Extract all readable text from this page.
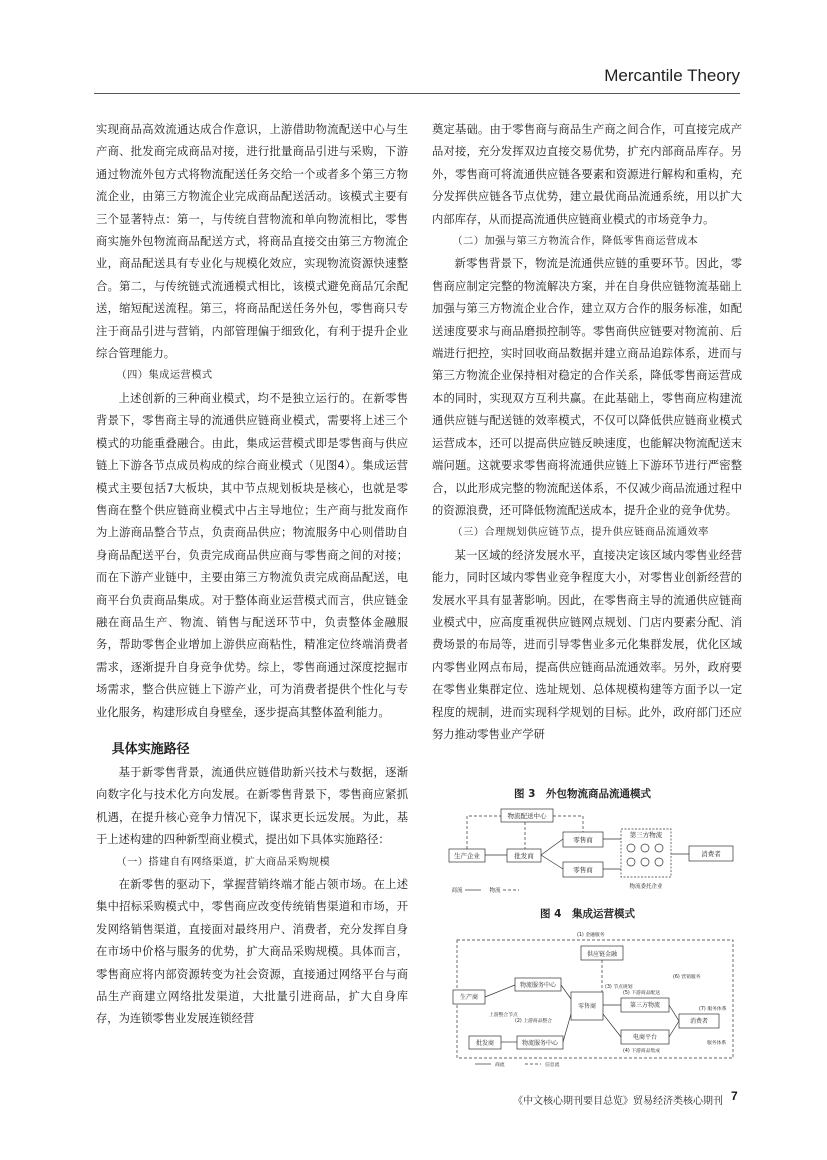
Mercantile Theory

实现商品高效流通达成合作意识，上游借助物流配送中心与生产商、批发商完成商品对接，进行批量商品引进与采购，下游通过物流外包方式将物流配送任务交给一个或者多个第三方物流企业，由第三方物流企业完成商品配送活动。该模式主要有三个显著特点：第一，与传统自营物流和单向物流相比，零售商实施外包物流商品配送方式，将商品直接交由第三方物流企业，商品配送具有专业化与规模化效应，实现物流资源快速整合。第二，与传统链式流通模式相比，该模式避免商品冗余配送，缩短配送流程。第三，将商品配送任务外包，零售商只专注于商品引进与营销，内部管理偏于细致化，有利于提升企业综合管理能力。

（四）集成运营模式

上述创新的三种商业模式，均不是独立运行的。在新零售背景下，零售商主导的流通供应链商业模式，需要将上述三个模式的功能重叠融合。由此，集成运营模式即是零售商与供应链上下游各节点成员构成的综合商业模式（见图4）。集成运营模式主要包括7大板块，其中节点规划板块是核心，也就是零售商在整个供应链商业模式中占主导地位；生产商与批发商作为上游商品整合节点，负责商品供应；物流服务中心则借助自身商品配送平台，负责完成商品供应商与零售商之间的对接；而在下游产业链中，主要由第三方物流负责完成商品配送，电商平台负责商品集成。对于整体商业运营模式而言，供应链金融在商品生产、物流、销售与配送环节中，负责整体金融服务，帮助零售企业增加上游供应商粘性，精准定位终端消费者需求，逐渐提升自身竞争优势。综上，零售商通过深度挖掘市场需求，整合供应链上下游产业，可为消费者提供个性化与专业化服务，构建形成自身壁垒，逐步提高其整体盈利能力。

具体实施路径

基于新零售背景，流通供应链借助新兴技术与数据，逐渐向数字化与技术化方向发展。在新零售背景下，零售商应紧抓机遇，在提升核心竞争力情况下，谋求更长远发展。为此，基于上述构建的四种新型商业模式，提出如下具体实施路径：

（一）搭建自有网络渠道，扩大商品采购规模

在新零售的驱动下，掌握营销终端才能占领市场。在上述集中招标采购模式中，零售商应改变传统销售渠道和市场，开发网络销售渠道，直接面对最终用户、消费者，充分发挥自身在市场中价格与服务的优势，扩大商品采购规模。具体而言，零售商应将内部资源转变为社会资源，直接通过网络平台与商品生产商建立网络批发渠道，大批量引进商品，扩大自身库存，为连锁零售业发展连锁经营

奠定基础。由于零售商与商品生产商之间合作，可直接完成产品对接，充分发挥双边直接交易优势，扩充内部商品库存。另外，零售商可将流通供应链各要素和资源进行解构和重构，充分发挥供应链各节点优势，建立最优商品流通系统，用以扩大内部库存，从而提高流通供应链商业模式的市场竞争力。

（二）加强与第三方物流合作，降低零售商运营成本

新零售背景下，物流是流通供应链的重要环节。因此，零售商应制定完整的物流解决方案，并在自身供应链物流基础上加强与第三方物流企业合作，建立双方合作的服务标准，如配送速度要求与商品磨损控制等。零售商供应链要对物流前、后端进行把控，实时回收商品数据并建立商品追踪体系，进而与第三方物流企业保持相对稳定的合作关系，降低零售商运营成本的同时，实现双方互利共赢。在此基础上，零售商应构建流通供应链与配送链的效率模式，不仅可以降低供应链商业模式运营成本，还可以提高供应链反映速度，也能解决物流配送末端问题。这就要求零售商将流通供应链上下游环节进行严密整合，以此形成完整的物流配送体系，不仅减少商品流通过程中的资源浪费，还可降低物流配送成本，提升企业的竞争优势。

（三）合理规划供应链节点，提升供应链商品流通效率

某一区域的经济发展水平，直接决定该区域内零售业经营能力，同时区域内零售业竞争程度大小，对零售业创新经营的发展水平具有显著影响。因此，在零售商主导的流通供应链商业模式中，应高度重视供应链网点规划、门店内要素分配、消费场景的布局等，进而引导零售业多元化集群发展，优化区域内零售业网点布局，提高供应链商品流通效率。另外，政府要在零售业集群定位、选址规划、总体规模构建等方面予以一定程度的规制，进而实现科学规划的目标。此外，政府部门还应努力推动零售业产学研

图 3　外包物流商品流通模式
物流配送中心
生产企业	批发商
零售商
零售商
第三方物流
消费者
物流委托企业
商流	物流
图 4　集成运营模式
供应链金融
物流服务中心
生产商
零售商	第三方物流
消费者
批发商	物流服务中心
电商平台
(1) 金融服务
(2) 上游商品整合
(3) 节点规划
(4) 下游商品集成
(5) 下游商品配送
(6) 营销服务
(7) 服务体系
上游整合节点
服务体系
商流	信息流
《中文核心期刊要目总览》贸易经济类核心期刊 7
